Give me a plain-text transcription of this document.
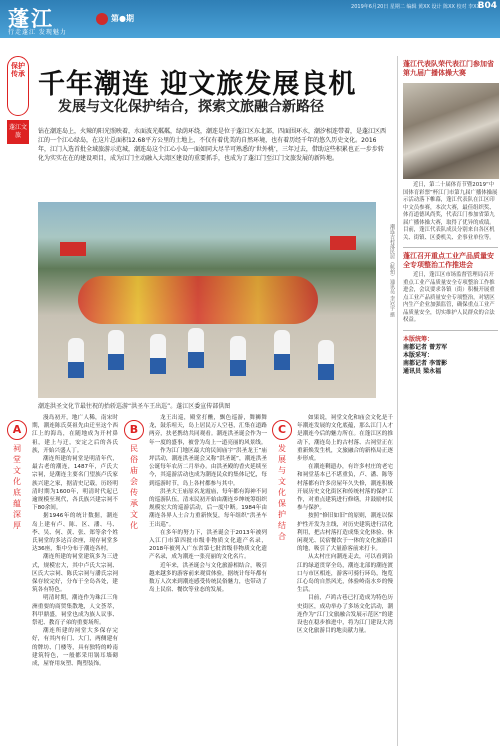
蓬江
行走蓬江 发现魅力
第●期
2019年6月20日 星期二 编辑 黄XX 设计 陈XX 校对 李XX
B04
保护传承
蓬江文旅
千年潮连 迎文旅发展良机
发展与文化保护结合，探索文旅融合新路径

钻在潮连岛上，火辣的阳光照映着，水面波光粼粼，绿荫环绕，潮连是位于蓬江区东北部，四面围环水，潮汐相连带着，是蓬江区西江的一个江心绿岛，在这片总面积12.68平方公里的土地上，不仅有着优美的自然环境，也有着历经千年的悠久历史文化。2016年，江门入选首批全域旅游示范城，潮连岛这个江心小岛一面如同大尽半可熟悉的‘世外桃’，三年过去，借助这些积累也正一步步转化为实实在在的建设项目，成为江门主动融入大湾区建设的重要抓手，也成为了蓬江门至江门文旅发展的新阵地。

潮连洪圣文化节最往祝的抬轿巡游“洪圣车王出巡”。蓬江区委宣传部供图
潮连古村落民居（航拍）通讯员 李冠宇 摄
A
祠
堂
文
化
底
蕴
深
厚

漫岛初开，地广人稀，南宋时期，潮连陈氏莫祖先由迁至这个西江上的海岛，在随地成为开村鼻祖，建上与迁，安定之后的各氏族，开始兴盛人丁。

潮连所建的祠堂是明清年代，最古老的潮连，1487年，卢氏大宗祠，是潮连主要名门望族卢氏家族兴建之家，据清史记载，历经明清时期为1600年，明清时代起已逾规模至现代，各氏族兴建宗祠不下80余间。

据1946年的统计数据，潮连岛上建有卢、陈、区、潘、马、李、吴、何、黄、张、郑等余个姓氏祠堂的多达百余座，现存祠堂多达36座，集中分布于潮连各村。

潮连所建的祠堂建筑多为三进式，规模宏大，其中卢氏大宗祠、区氏大宗祠、陈氏宗祠与潘氏宗祠保存较完好，分布于全岛各处，建筑各有特色。

明清时期，潮连作为珠江三角洲重要的商贸集散地，人文荟萃，科甲鼎盛，祠堂也成为族人议事、祭祀、教育子弟的重要场所。

潮连所建的祠堂大多保存完好，有其内有门、大门，两侧建有的牌坊、门楼等，具有独特的岭南建筑特色，一般都采用锅耳墙砌成，屋脊用灰塑、陶塑装饰。

B
民
俗
庙
会
传
承
文
化

龙王出巡，殿堂打醮，飘色巡游，舞狮舞龙，鼓乐喧天，岛上居民万人空巷，汇集在道路两旁，扶老携幼共同观看。潮连洪圣诞会作为一年一度的盛事，被誉为岛上一道亮丽的风景线。

作为江门地区最大的民间庙宇“洪圣龙王”庙坪活动，潮连洪圣诞会又称“洪圣诞”，潮连洪圣公诞每年农历二月举办。由洪圣殿的香火延续至今，其巡游活动也成为潮连民众的集体记忆，每到巡游时节，岛上各村都参与其中。

洪圣大王庙原名龙霞庙，每年都有海神不同的巡游队伍，清末民初开始由潮连乡绅统筹组织规模宏大的巡游活动，后一度中断。1984年由潮连各界人士合力重新恢复，每年组织“洪圣车王出巡”。

在多年的努力下，洪圣诞会于2013年被列入江门市第四批市级非物质文化遗产名录，2018年被列入广东省第七批省级非物质文化遗产名录，成为潮连一张亮丽的文化名片。

近年来，洪圣诞会与文化旅游相结合，吸引越来越多的游客前来观赏体验，据统计每年都有数万人次来到潮连感受传统民俗魅力，也带动了岛上民宿、餐饮等业态的发展。

C
发
展
与
文
化
保
护
结
合

如果说，祠堂文化和庙会文化是千年潮连发展的文化底蕴，那么江门人才是潮连今后的魅力所在。在蓬江区的推动下，潮连岛上的古村落、古祠堂正在重新焕发生机，文旅融合的新格局正逐步形成。

在潮连剩遗办，有许多村庄的老宅和祠堂基本已不堪重负，卢、潘、陈等村落都有许多房屋年久失修，潮连积极开展历史文化街区和传统村落的保护工作，对重点建筑进行修缮，并鼓励村民参与保护。

按照“修旧如旧”的原则，潮连以保护性开发为主线，对历史建筑进行活化利用，把古村落打造成集文化体验、休闲观光、民宿餐饮于一体的文化旅游目的地，吸引了大量游客前来打卡。

从太村庄向潮连走去，可以看到沿江的绿道贯穿全岛，潮连北部的潮连渡口与市区相连，游客可骑行环岛，饱览江心岛的自然风光，体验岭南水乡的慢生活。

目前，卢鸿古巷已打造成为特色历史街区，成功举办了多场文化活动，潮连作为“江门文旅融合发展示范区”的建设也在稳步推进中，将为江门建设大湾区文化旅游目的地贡献力量。

蓬江代表队荣代表江门参加省第九届广播体操大赛

近日，第二十届体育节暨2019“中国体育彩票”杯江门市第九届广播体操展示活动落下帷幕，蓬江代表队在江区印中文员参赛，本次大赛，最佳组织奖、体育道德风尚奖，代表江门参加省第九届广播体操大赛，取得了优异的成绩。目前，蓬江代表队成员分别来自各区机关、街镇、区委机关、企事业单位等。

蓬江召开重点工业产品质量安全专项整治工作推进会

近日，蓬江区市场监督管理局召开重点工业产品质量安全专项整治工作推进会，会议要求各镇（街）积极开展重点工业产品质量安全专项整治，对辖区内生产企业加强监管，确保重点工业产品质量安全，切实维护人民群众的合法权益。

本版统筹：
南都记者 曾芳军
本版采写：
南都记者 李雪影
通讯员 梁永福
